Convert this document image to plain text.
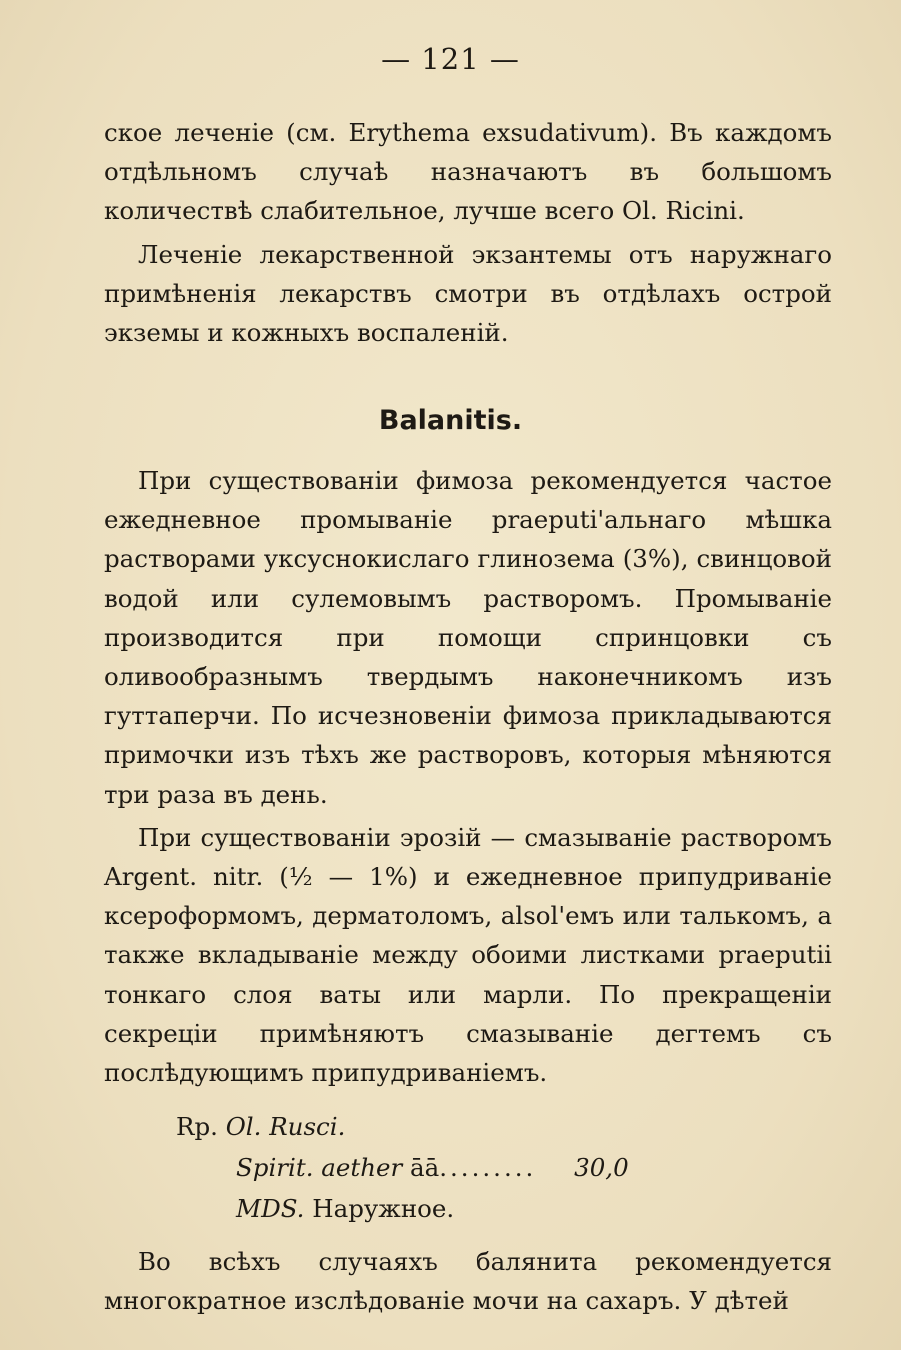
— 121 —

ское леченіе (см. Erythema exsudativum). Въ каждомъ отдѣльномъ случаѣ назначаютъ въ большомъ количествѣ слабительное, лучше всего Ol. Ricini.

Леченіе лекарственной экзантемы отъ наружнаго примѣненія лекарствъ смотри въ отдѣлахъ острой экземы и кожныхъ воспаленій.

Balanitis.

При существованіи фимоза рекомендуется частое ежедневное промываніе praeputi'альнаго мѣшка растворами уксуснокислаго глинозема (3%), свинцовой водой или сулемовымъ растворомъ. Промываніе производится при помощи спринцовки съ оливообразнымъ твердымъ наконечникомъ изъ гуттаперчи. По исчезновеніи фимоза прикладываются примочки изъ тѣхъ же растворовъ, которыя мѣняются три раза въ день.

При существованіи эрозій — смазываніе растворомъ Argent. nitr. (½ — 1%) и ежедневное припудриваніе ксероформомъ, дерматоломъ, alsol'емъ или талькомъ, а также вкладываніе между обоими листками praeputii тонкаго слоя ваты или марли. По прекращеніи секреціи примѣняютъ смазываніе дегтемъ съ послѣдующимъ припудриваніемъ.

Rp. Ol. Rusci.
Spirit. aether āā......... 30,0
MDS. Наружное.

Во всѣхъ случаяхъ балянита рекомендуется многократное изслѣдованіе мочи на сахаръ. У дѣтей
